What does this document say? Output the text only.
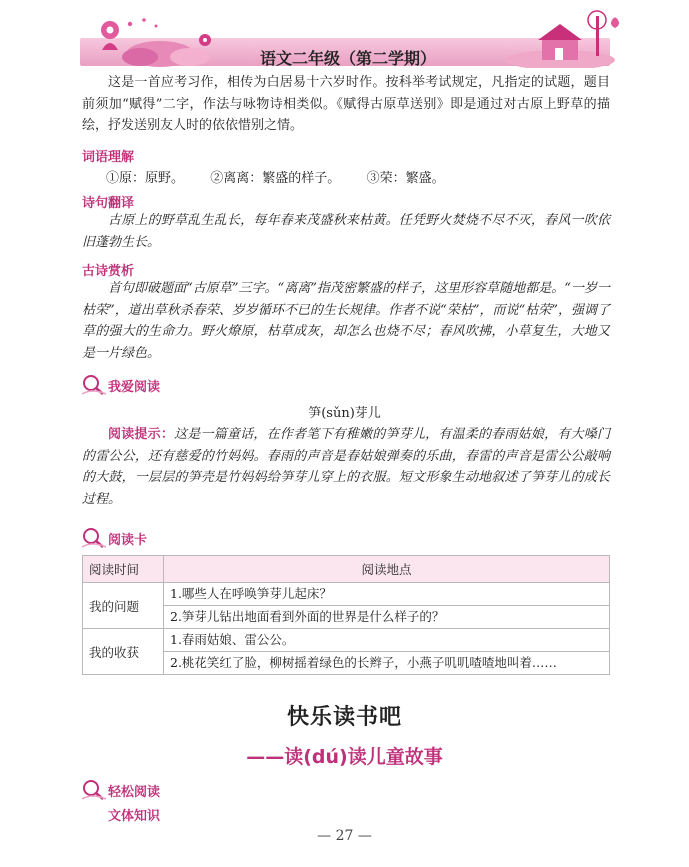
语文二年级（第二学期）

这是一首应考习作，相传为白居易十六岁时作。按科举考试规定，凡指定的试题，题目前须加“赋得”二字，作法与咏物诗相类似。《赋得古原草送别》即是通过对古原上野草的描绘，抒发送别友人时的依依惜别之情。

词语理解
①原：原野。 ②离离：繁盛的样子。 ③荣：繁盛。
诗句翻译

古原上的野草乱生乱长，每年春来茂盛秋来枯黄。任凭野火焚烧不尽不灭，春风一吹依旧蓬勃生长。

古诗赏析

首句即破题面“古原草”三字。“离离”指茂密繁盛的样子，这里形容草随地都是。“一岁一枯荣”，道出草秋杀春荣、岁岁循环不已的生长规律。作者不说“荣枯”，而说“枯荣”，强调了草的强大的生命力。野火燎原，枯草成灰，却怎么也烧不尽；春风吹拂，小草复生，大地又是一片绿色。

我爱阅读
笋(sǔn)芽儿

阅读提示：这是一篇童话，在作者笔下有稚嫩的笋芽儿，有温柔的春雨姑娘，有大嗓门的雷公公，还有慈爱的竹妈妈。春雨的声音是春姑娘弹奏的乐曲，春雷的声音是雷公公敲响的大鼓，一层层的笋壳是竹妈妈给笋芽儿穿上的衣服。短文形象生动地叙述了笋芽儿的成长过程。

阅读卡
阅读时间	阅读地点
我的问题	1.哪些人在呼唤笋芽儿起床？
2.笋芽儿钻出地面看到外面的世界是什么样子的？

我的收获	1.春雨姑娘、雷公公。
2.桃花笑红了脸，柳树摇着绿色的长辫子，小燕子叽叽喳喳地叫着……
快乐读书吧
——读(dú)读儿童故事
轻松阅读
文体知识
— 27 —
